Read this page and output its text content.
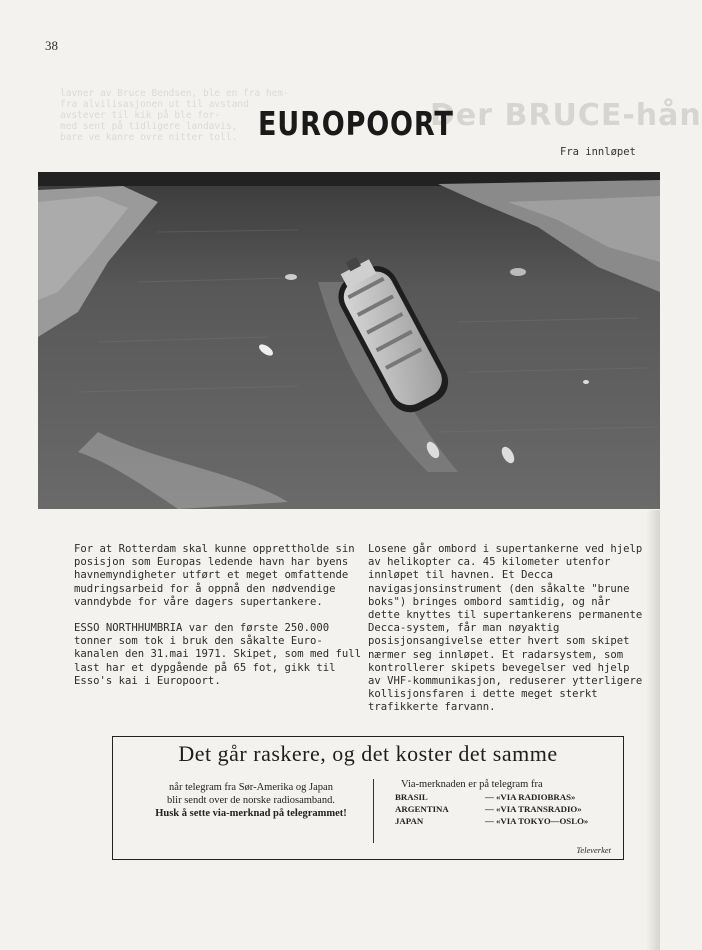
38
lavner av Bruce Bendsen, ble en fra hem-
fra alvilisasjonen ut til avstand
avstever til kik på ble for-
med sent på tidligere landavis,
bare ve kanre ovre nitter toll.
Der BRUCE-hån
EUROPOORT
Fra innløpet

For at Rotterdam skal kunne opprettholde sin posisjon som Europas ledende havn har byens havnemyndigheter utført et meget omfattende mudringsarbeid for å oppnå den nødvendige vanndybde for våre dagers supertankere.

ESSO NORTHHUMBRIA var den første 250.000 tonner som tok i bruk den såkalte Euro-kanalen den 31.mai 1971. Skipet, som med full last har et dypgående på 65 fot, gikk til Esso's kai i Europoort.

Losene går ombord i supertankerne ved hjelp av helikopter ca. 45 kilometer utenfor innløpet til havnen. Et Decca navigasjonsinstrument (den såkalte "brune boks") bringes ombord samtidig, og når dette knyttes til supertankerens permanente Decca-system, får man nøyaktig posisjonsangivelse etter hvert som skipet nærmer seg innløpet. Et radarsystem, som kontrollerer skipets bevegelser ved hjelp av VHF-kommunikasjon, reduserer ytterligere kollisjonsfaren i dette meget sterkt trafikkerte farvann.

Det går raskere, og det koster det samme
når telegram fra Sør-Amerika og Japan
blir sendt over de norske radiosamband.
Husk å sette via-merknad på telegrammet!
Via-merknaden er på telegram fra
BRASIL	— «VIA RADIOBRAS»
ARGENTINA	— «VIA TRANSRADIO»
JAPAN	— «VIA TOKYO—OSLO»
Televerket
